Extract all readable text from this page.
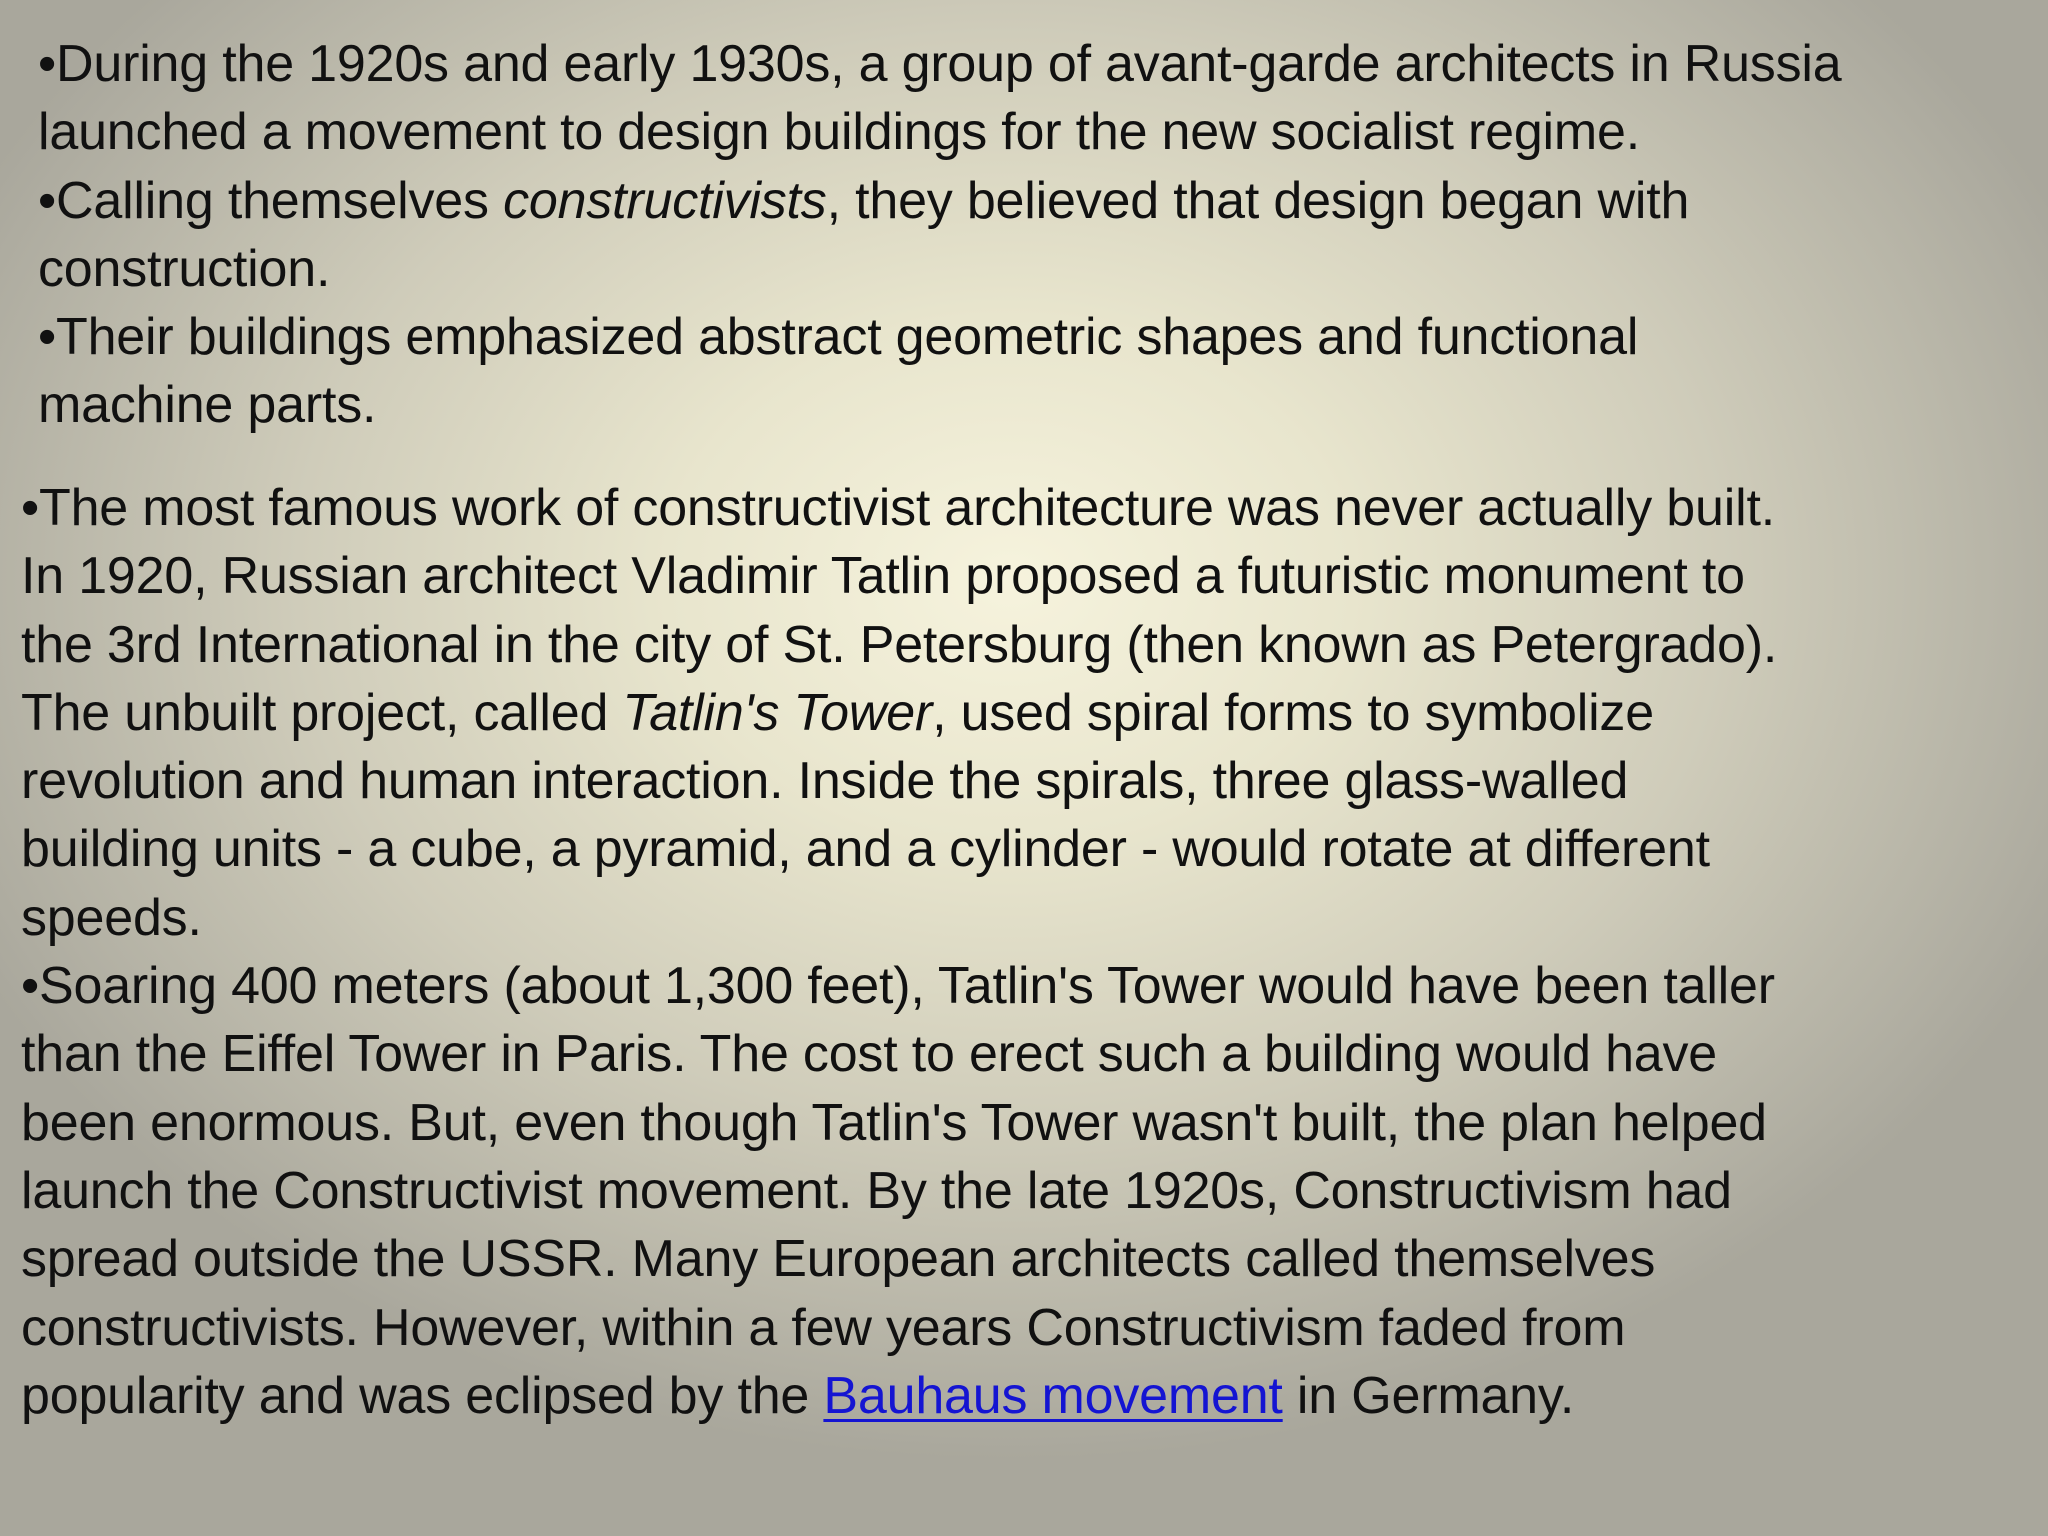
•During the 1920s and early 1930s, a group of avant-garde architects in Russia
launched a movement to design buildings for the new socialist regime.

•Calling themselves constructivists, they believed that design began with
construction.

•Their buildings emphasized abstract geometric shapes and functional
machine parts.

•The most famous work of constructivist architecture was never actually built.
In 1920, Russian architect Vladimir Tatlin proposed a futuristic monument to
the 3rd International in the city of St. Petersburg (then known as Petergrado).
The unbuilt project, called Tatlin's Tower, used spiral forms to symbolize
revolution and human interaction. Inside the spirals, three glass-walled
building units - a cube, a pyramid, and a cylinder - would rotate at different
speeds.

•Soaring 400 meters (about 1,300 feet), Tatlin's Tower would have been taller
than the Eiffel Tower in Paris. The cost to erect such a building would have
been enormous. But, even though Tatlin's Tower wasn't built, the plan helped
launch the Constructivist movement. By the late 1920s, Constructivism had
spread outside the USSR. Many European architects called themselves
constructivists. However, within a few years Constructivism faded from
popularity and was eclipsed by the Bauhaus movement in Germany.
